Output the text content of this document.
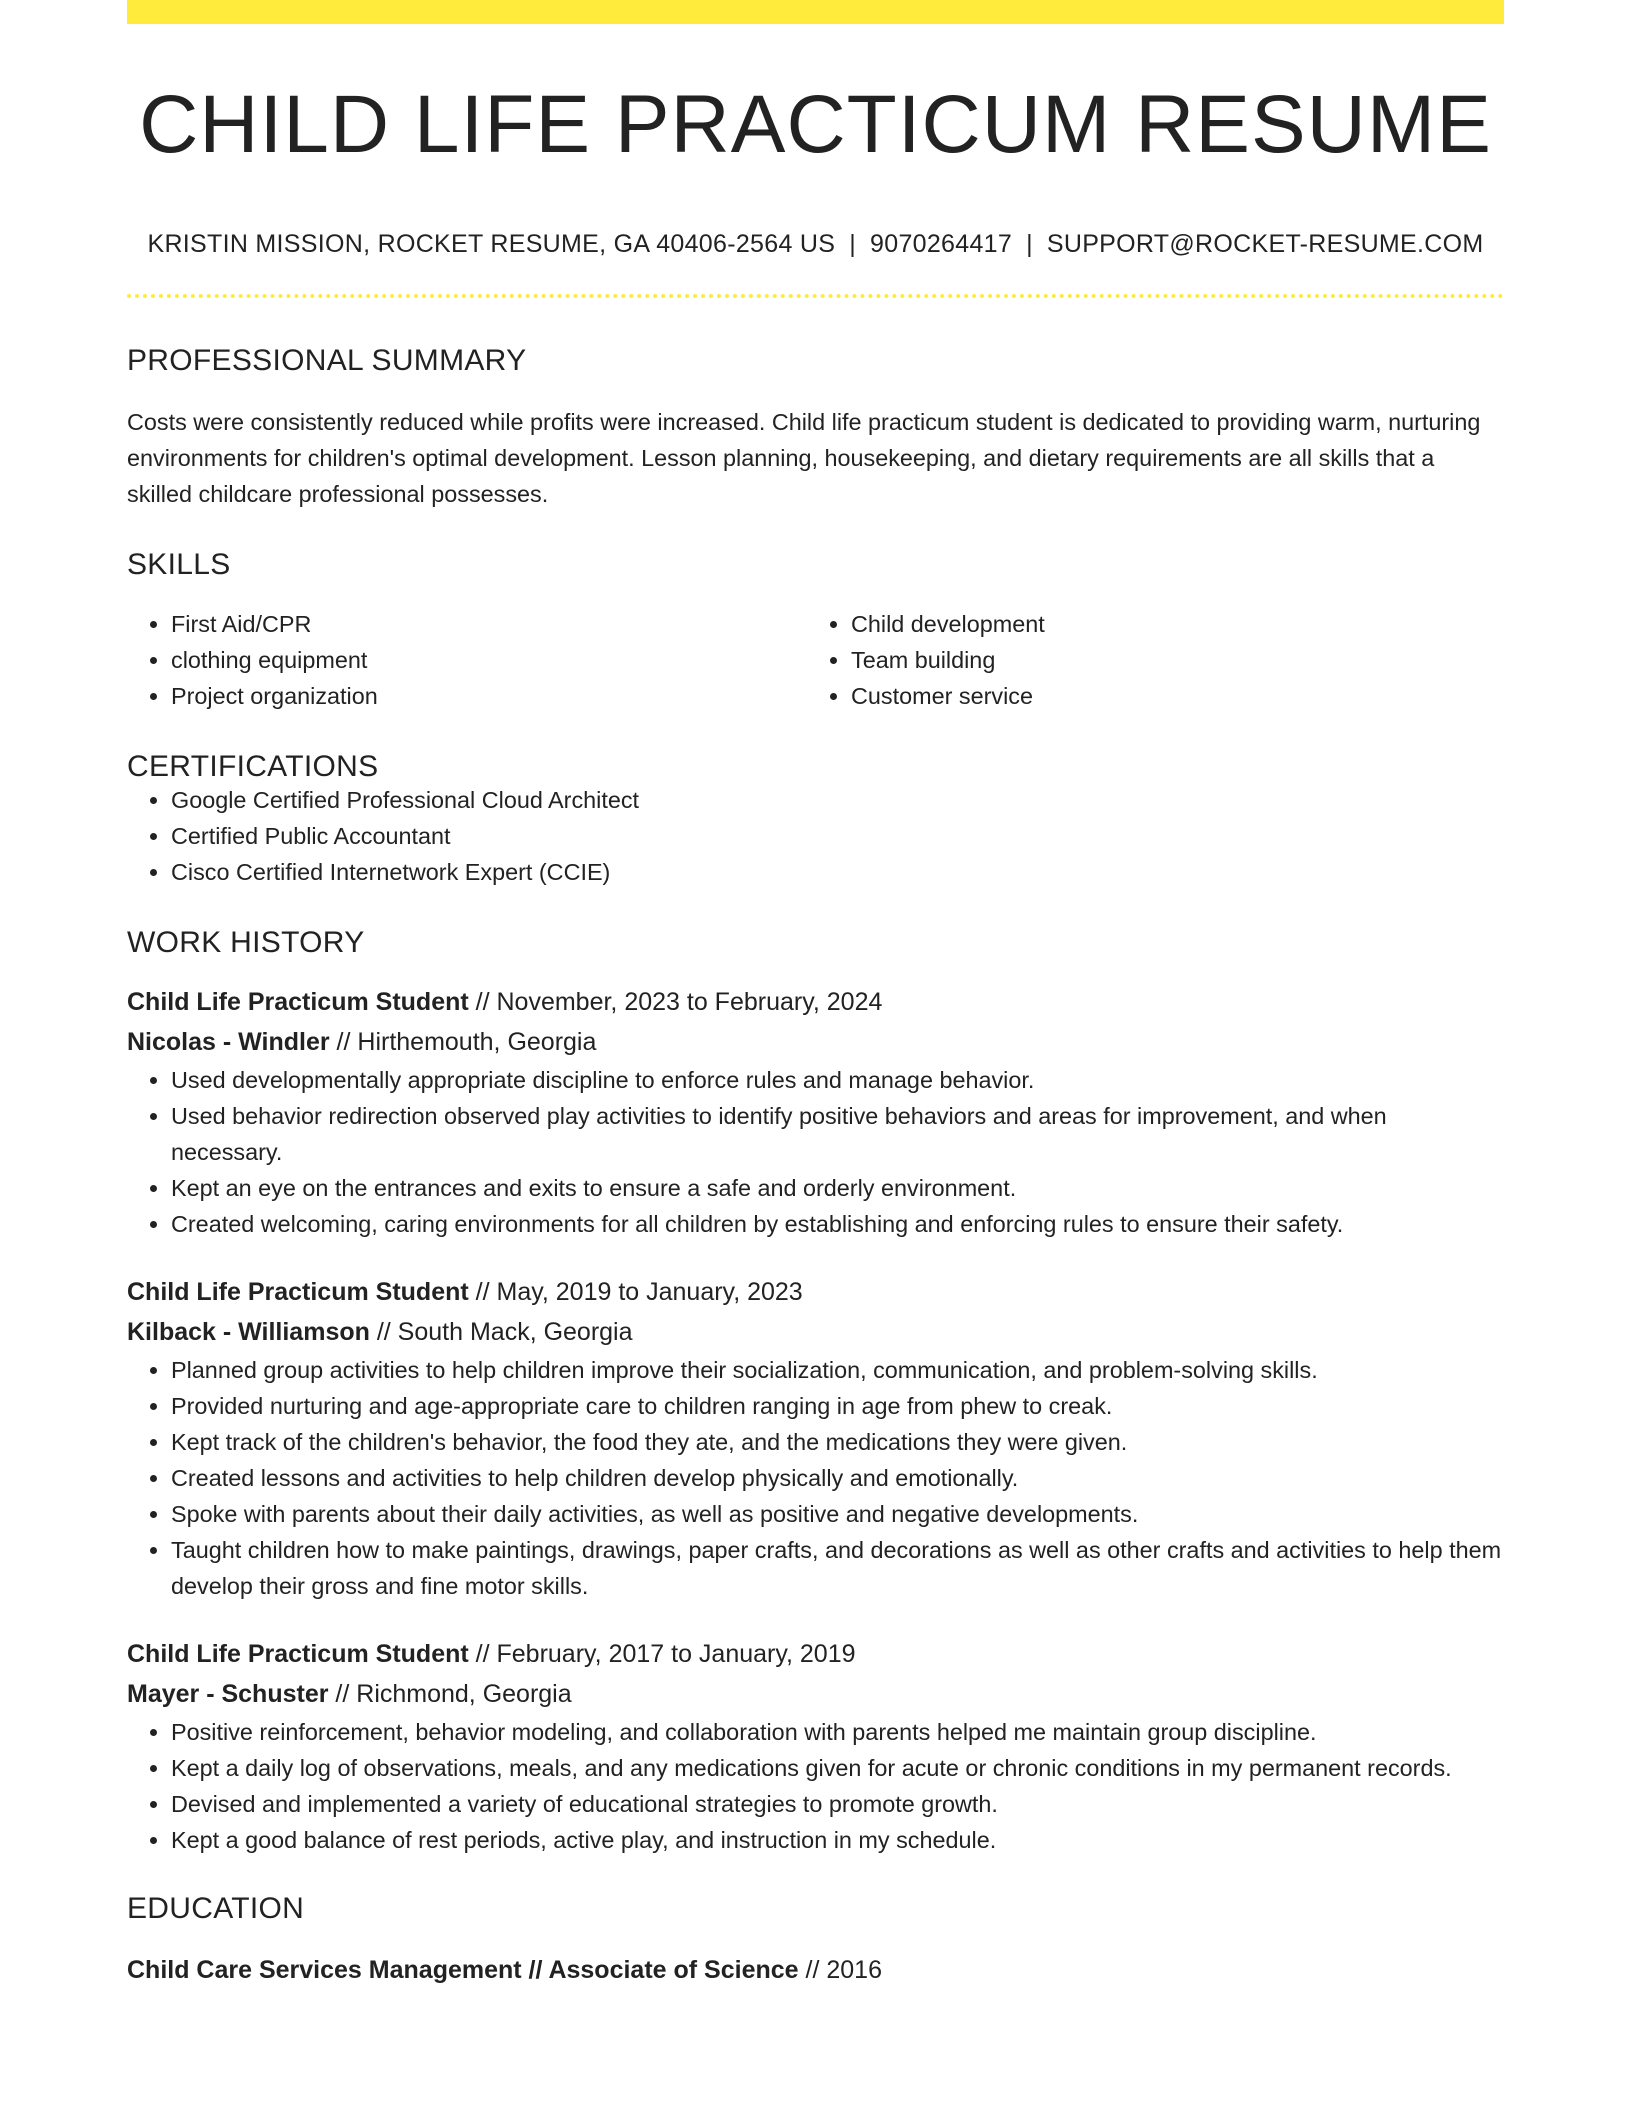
CHILD LIFE PRACTICUM RESUME
KRISTIN MISSION, ROCKET RESUME, GA 40406-2564 US | 9070264417 | SUPPORT@ROCKET-RESUME.COM
PROFESSIONAL SUMMARY

Costs were consistently reduced while profits were increased. Child life practicum student is dedicated to providing warm, nurturing environments for children's optimal development. Lesson planning, housekeeping, and dietary requirements are all skills that a skilled childcare professional possesses.

SKILLS
• First Aid/CPR
• clothing equipment
• Project organization
• Child development
• Team building
• Customer service
CERTIFICATIONS
• Google Certified Professional Cloud Architect
• Certified Public Accountant
• Cisco Certified Internetwork Expert (CCIE)
WORK HISTORY
Child Life Practicum Student // November, 2023 to February, 2024
Nicolas - Windler // Hirthemouth, Georgia
• Used developmentally appropriate discipline to enforce rules and manage behavior.
• Used behavior redirection observed play activities to identify positive behaviors and areas for improvement, and when necessary.
• Kept an eye on the entrances and exits to ensure a safe and orderly environment.
• Created welcoming, caring environments for all children by establishing and enforcing rules to ensure their safety.
Child Life Practicum Student // May, 2019 to January, 2023
Kilback - Williamson // South Mack, Georgia
• Planned group activities to help children improve their socialization, communication, and problem-solving skills.
• Provided nurturing and age-appropriate care to children ranging in age from phew to creak.
• Kept track of the children's behavior, the food they ate, and the medications they were given.
• Created lessons and activities to help children develop physically and emotionally.
• Spoke with parents about their daily activities, as well as positive and negative developments.
• Taught children how to make paintings, drawings, paper crafts, and decorations as well as other crafts and activities to help them develop their gross and fine motor skills.
Child Life Practicum Student // February, 2017 to January, 2019
Mayer - Schuster // Richmond, Georgia
• Positive reinforcement, behavior modeling, and collaboration with parents helped me maintain group discipline.
• Kept a daily log of observations, meals, and any medications given for acute or chronic conditions in my permanent records.
• Devised and implemented a variety of educational strategies to promote growth.
• Kept a good balance of rest periods, active play, and instruction in my schedule.
EDUCATION
Child Care Services Management // Associate of Science // 2016
